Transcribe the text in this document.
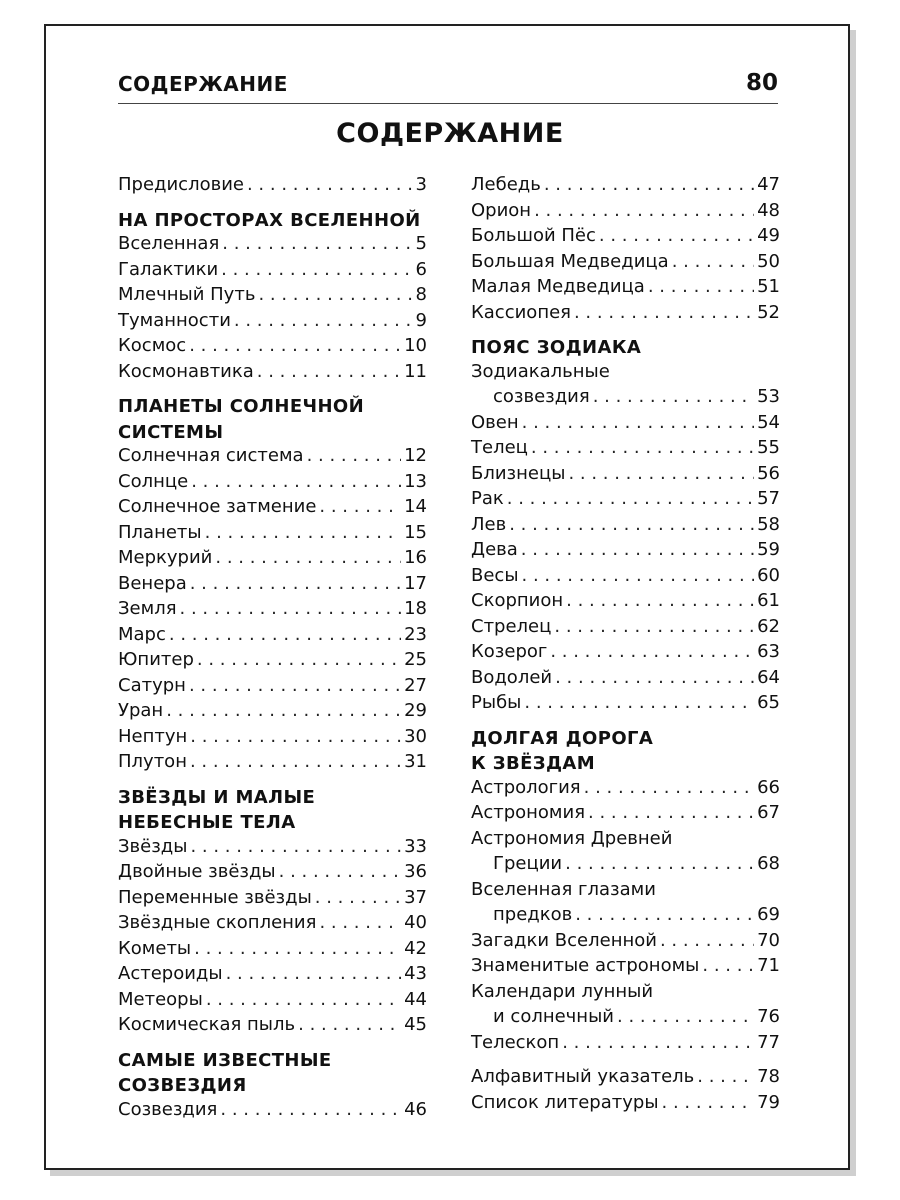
СОДЕРЖАНИЕ	80
СОДЕРЖАНИЕ
Предисловие . . .	3
НА ПРОСТОРАХ ВСЕЛЕННОЙ
Вселенная . . .	5
Галактики . . .	6
Млечный Путь . . .	8
Туманности . . .	9
Космос . . .	10
Космонавтика . . .	11
ПЛАНЕТЫ СОЛНЕЧНОЙ
СИСТЕМЫ
Солнечная система . . .	12
Солнце . . .	13
Солнечное затмение . . .	14
Планеты . . .	15
Меркурий . . .	16
Венера . . .	17
Земля . . .	18
Марс . . .	23
Юпитер . . .	25
Сатурн . . .	27
Уран . . .	29
Нептун . . .	30
Плутон . . .	31
ЗВЁЗДЫ И МАЛЫЕ
НЕБЕСНЫЕ ТЕЛА
Звёзды . . .	33
Двойные звёзды . . .	36
Переменные звёзды . . .	37
Звёздные скопления . . .	40
Кометы . . .	42
Астероиды . . .	43
Метеоры . . .	44
Космическая пыль . . .	45
САМЫЕ ИЗВЕСТНЫЕ
СОЗВЕЗДИЯ
Созвездия . . .	46
Лебедь . . .	47
Орион . . .	48
Большой Пёс . . .	49
Большая Медведица . . .	50
Малая Медведица . . .	51
Кассиопея . . .	52
ПОЯС ЗОДИАКА
Зодиакальные
созвездия . . .	53
Овен . . .	54
Телец . . .	55
Близнецы . . .	56
Рак . . .	57
Лев . . .	58
Дева . . .	59
Весы . . .	60
Скорпион . . .	61
Стрелец . . .	62
Козерог . . .	63
Водолей . . .	64
Рыбы . . .	65
ДОЛГАЯ ДОРОГА
К ЗВЁЗДАМ
Астрология . . .	66
Астрономия . . .	67
Астрономия Древней
Греции . . .	68
Вселенная глазами
предков . . .	69
Загадки Вселенной . . .	70
Знаменитые астрономы . . .	71
Календари лунный
и солнечный . . .	76
Телескоп . . .	77
Алфавитный указатель . . .	78
Список литературы . . .	79
